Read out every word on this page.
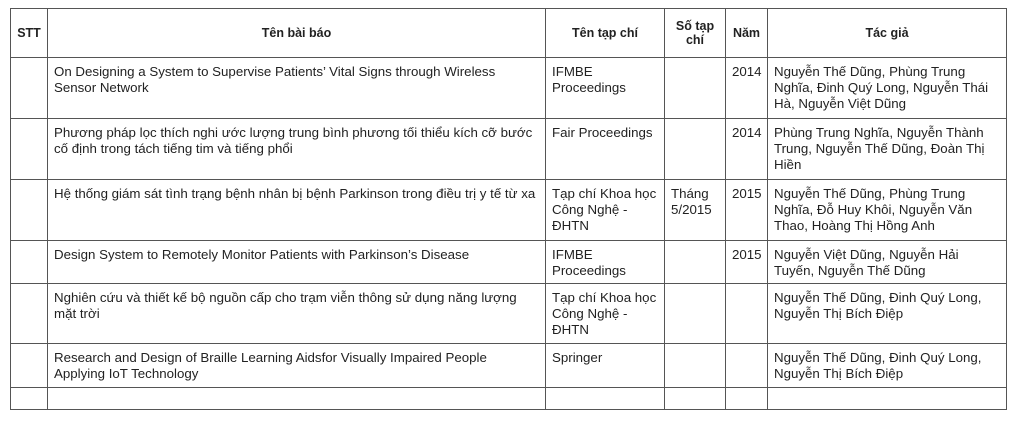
STT	Tên bài báo	Tên tạp chí	Số tạp chí	Năm	Tác giả
	On Designing a System to Supervise Patients’ Vital Signs through Wireless Sensor Network	IFMBE Proceedings		2014	Nguyễn Thế Dũng, Phùng Trung Nghĩa, Đinh Quý Long, Nguyễn Thái Hà, Nguyễn Việt Dũng
	Phương pháp lọc thích nghi ước lượng trung bình phương tối thiểu kích cỡ bước cố định trong tách tiếng tim và tiếng phổi	Fair Proceedings		2014	Phùng Trung Nghĩa, Nguyễn Thành Trung, Nguyễn Thế Dũng, Đoàn Thị Hiền
	Hệ thống giám sát tình trạng bệnh nhân bị bệnh Parkinson trong điều trị y tế từ xa	Tạp chí Khoa học Công Nghệ - ĐHTN	Tháng 5/2015	2015	Nguyễn Thế Dũng, Phùng Trung Nghĩa, Đỗ Huy Khôi, Nguyễn Văn Thao, Hoàng Thị Hồng Anh
	Design System to Remotely Monitor Patients with Parkinson’s Disease	IFMBE Proceedings		2015	Nguyễn Việt Dũng, Nguyễn Hải Tuyến, Nguyễn Thế Dũng
	Nghiên cứu và thiết kế bộ nguồn cấp cho trạm viễn thông sử dụng năng lượng mặt trời	Tạp chí Khoa học Công Nghệ - ĐHTN			Nguyễn Thế Dũng, Đinh Quý Long, Nguyễn Thị Bích Điệp
	Research and Design of Braille Learning Aidsfor Visually Impaired People Applying IoT Technology	Springer			Nguyễn Thế Dũng, Đinh Quý Long, Nguyễn Thị Bích Điệp
